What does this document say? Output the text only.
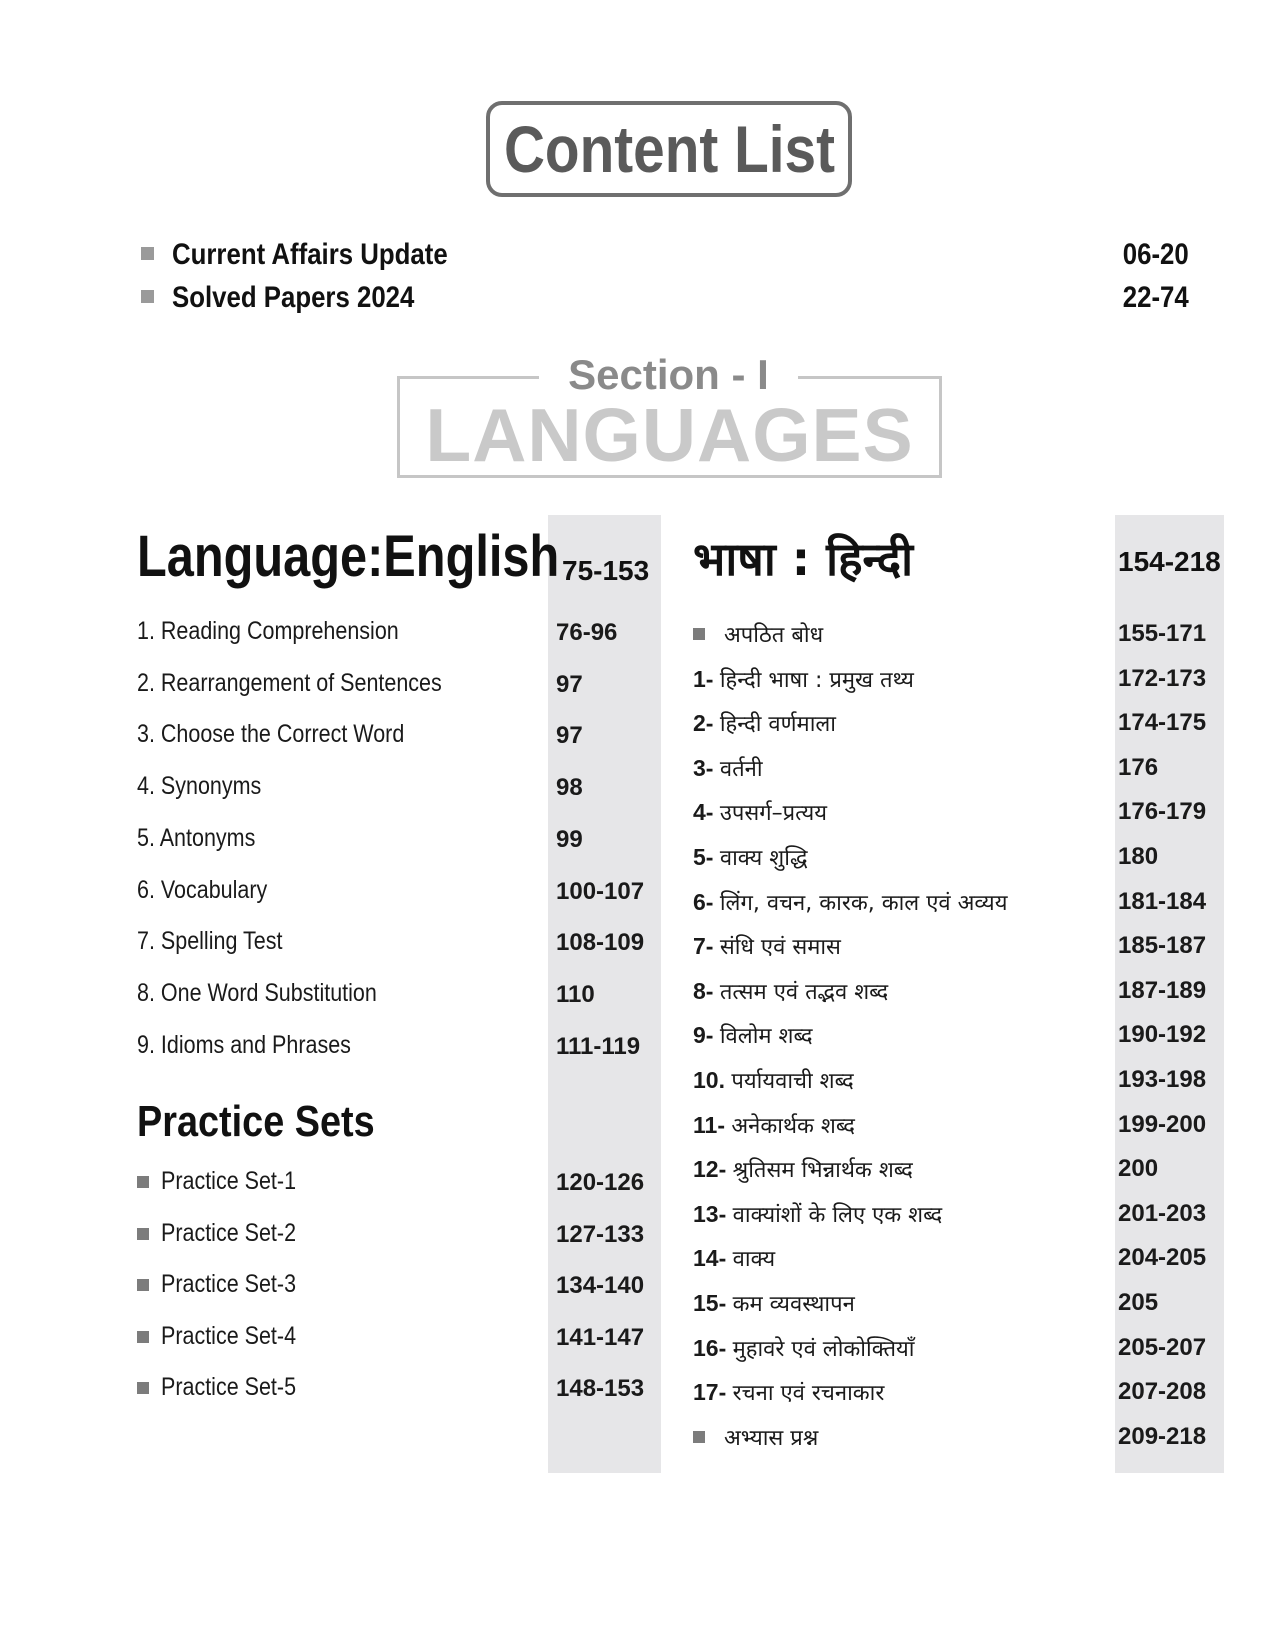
Content List
Current Affairs Update	06-20
Solved Papers 2024	22-74
Section - I
LANGUAGES
Language:English 75-153
Practice Sets
भाषा : हिन्दी	154-218
1. Reading Comprehension	76-96
2. Rearrangement of Sentences	97
3. Choose the Correct Word	97
4. Synonyms	98
5. Antonyms	99
6. Vocabulary	100-107
7. Spelling Test	108-109
8. One Word Substitution	110
9. Idioms and Phrases	111-119
Practice Set-1	120-126
Practice Set-2	127-133
Practice Set-3	134-140
Practice Set-4	141-147
Practice Set-5	148-153
अपठित बोध	155-171
1- हिन्दी भाषा : प्रमुख तथ्य	172-173
2- हिन्दी वर्णमाला	174-175
3- वर्तनी	176
4- उपसर्ग–प्रत्यय	176-179
5- वाक्य शुद्धि	180
6- लिंग, वचन, कारक, काल एवं अव्यय	181-184
7- संधि एवं समास	185-187
8- तत्सम एवं तद्भव शब्द	187-189
9- विलोम शब्द	190-192
10. पर्यायवाची शब्द	193-198
11- अनेकार्थक शब्द	199-200
12- श्रुतिसम भिन्नार्थक शब्द	200
13- वाक्यांशों के लिए एक शब्द	201-203
14- वाक्य	204-205
15- कम व्यवस्थापन	205
16- मुहावरे एवं लोकोक्तियाँ	205-207
17- रचना एवं रचनाकार	207-208
अभ्यास प्रश्न	209-218
